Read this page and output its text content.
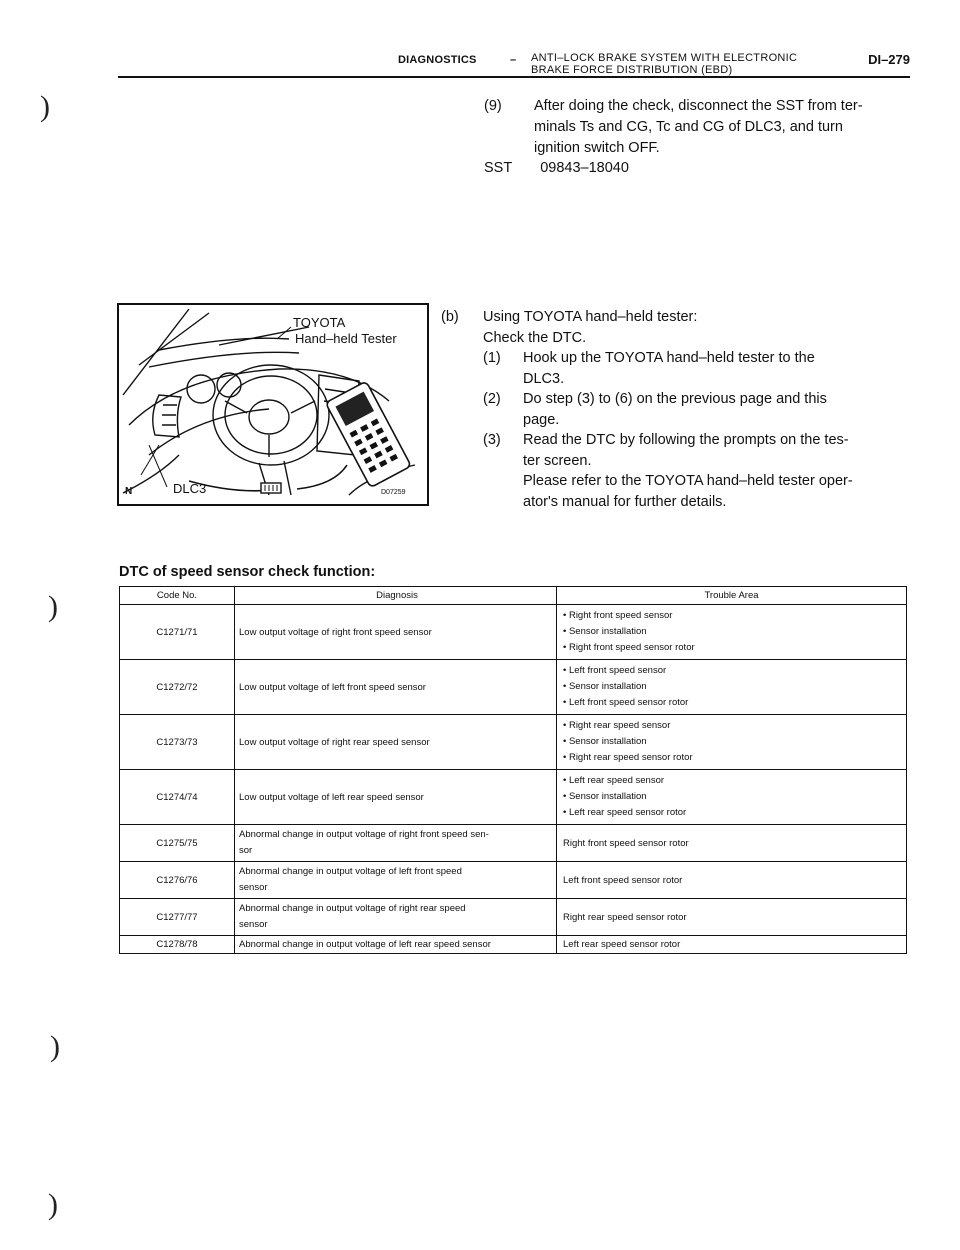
DIAGNOSTICS	– ANTI–LOCK BRAKE SYSTEM WITH ELECTRONIC
BRAKE FORCE DISTRIBUTION (EBD)
DI–279
)
)
)
)
(9) After doing the check, disconnect the SST from ter-
minals Ts and CG, Tc and CG of DLC3, and turn
ignition switch OFF.
SST 09843–18040
TOYOTA
Hand–held Tester
N	DLC3	D07259
(b) Using TOYOTA hand–held tester:
Check the DTC.
(1) Hook up the TOYOTA hand–held tester to the
DLC3.
(2) Do step (3) to (6) on the previous page and this
page.
(3) Read the DTC by following the prompts on the tes-
ter screen.
Please refer to the TOYOTA hand–held tester oper-
ator's manual for further details.
DTC of speed sensor check function:
Code No.	Diagnosis	Trouble Area
C1271/71	Low output voltage of right front speed sensor	• Right front speed sensor
• Sensor installation
• Right front speed sensor rotor

C1272/72	Low output voltage of left front speed sensor	• Left front speed sensor
• Sensor installation
• Left front speed sensor rotor

C1273/73	Low output voltage of right rear speed sensor	• Right rear speed sensor
• Sensor installation
• Right rear speed sensor rotor

C1274/74	Low output voltage of left rear speed sensor	• Left rear speed sensor
• Sensor installation
• Left rear speed sensor rotor

C1275/75	Abnormal change in output voltage of right front speed sen-
sor	Right front speed sensor rotor
C1276/76	Abnormal change in output voltage of left front speed
sensor	Left front speed sensor rotor
C1277/77	Abnormal change in output voltage of right rear speed
sensor	Right rear speed sensor rotor
C1278/78	Abnormal change in output voltage of left rear speed sensor	Left rear speed sensor rotor
